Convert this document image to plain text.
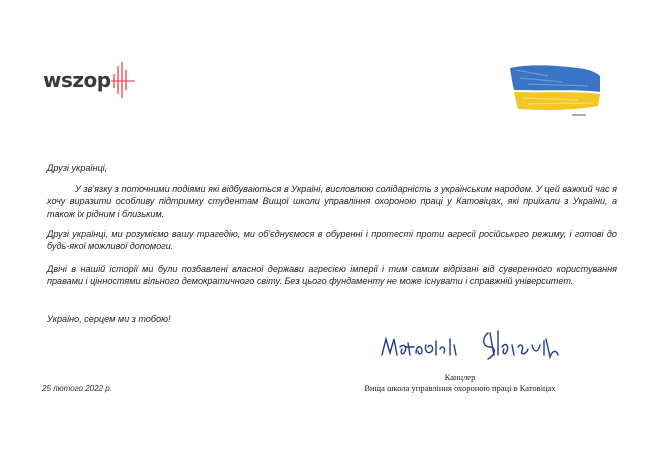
wszop
Друзі українці,
У зв'язку з поточними подіями які відбуваються в Україні, висловлюю солідарність з українським народом. У цей важкий час я хочу виразити особливу підтримку студентам Вищої школи управління охороною праці у Катовіцах, які приїхали з України, а також їх рідним і близьким.
Друзі українці, ми розуміємо вашу трагедію, ми об'єднуємося в обуренні і протесті проти агресії російського режиму, і готові до будь-якої можливої допомоги.
Двічі в нашій історії ми були позбавлені власної держави агресією імперії і тим самим відрізані від суверенного користування правами і цінностями вільного демократичного світу. Без цього фундаменту не може існувати і справжній університет.
Україно, серцем ми з тобою!
25 лютого 2022 р.
Канцлер
Вища школа управління охороною праці в Катовіцах
